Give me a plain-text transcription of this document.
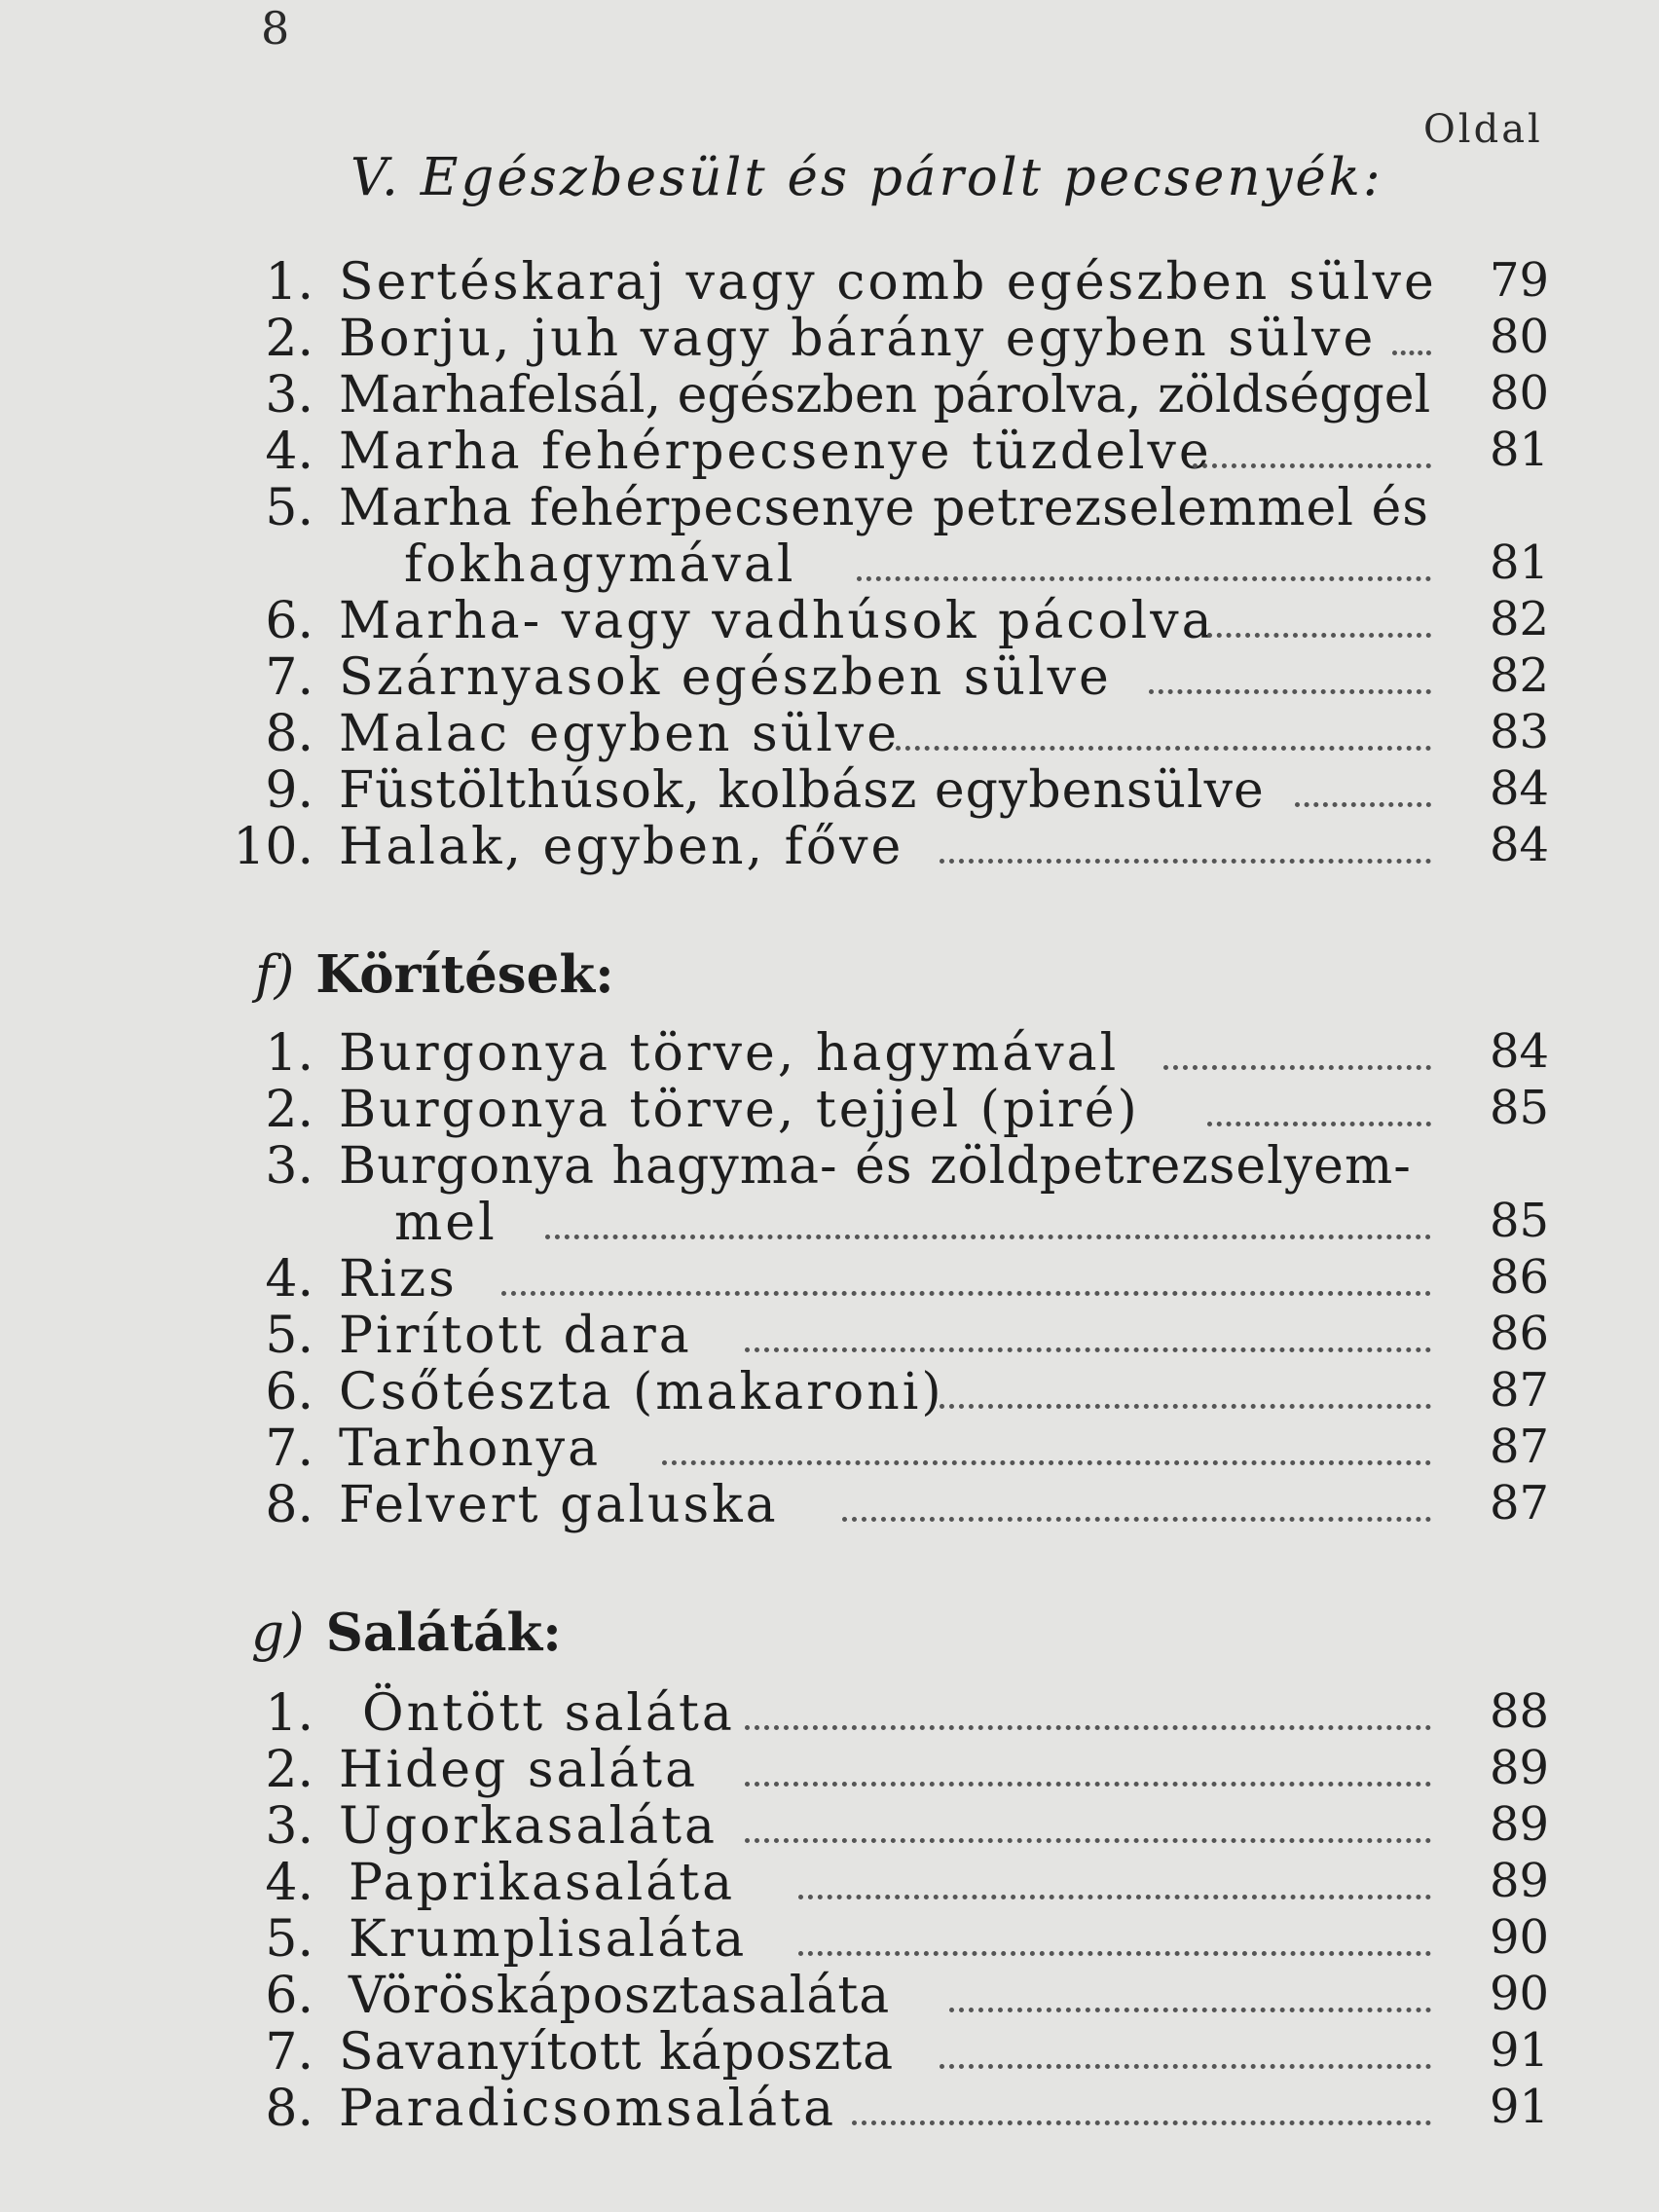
8
Oldal
V. Egészbesült és párolt pecsenyék:
1. Sertéskaraj vagy comb egészben sülve 79
2. Borju, juh vagy bárány egyben sülve 80
3. Marhafelsál, egészben párolva, zöldséggel 80
4. Marha fehérpecsenye tüzdelve	81
5. Marha fehérpecsenye petrezselemmel és
fokhagymával	81
6. Marha- vagy vadhúsok pácolva	82
7. Szárnyasok egészben sülve	82
8. Malac egyben sülve	83
9. Füstölthúsok, kolbász egybensülve	84
10. Halak, egyben, főve	84
f) Körítések:
1. Burgonya törve, hagymával	84
2. Burgonya törve, tejjel (piré)	85
3. Burgonya hagyma- és zöldpetrezselyem-
mel	85
4. Rizs	86
5. Pirított dara	86
6. Csőtészta (makaroni)	87
7. Tarhonya	87
8. Felvert galuska	87
g) Saláták:
1. Öntött saláta	88
2. Hideg saláta	89
3. Ugorkasaláta	89
4. Paprikasaláta	89
5. Krumplisaláta	90
6. Vöröskáposztasaláta	90
7. Savanyított káposzta	91
8. Paradicsomsaláta	91
